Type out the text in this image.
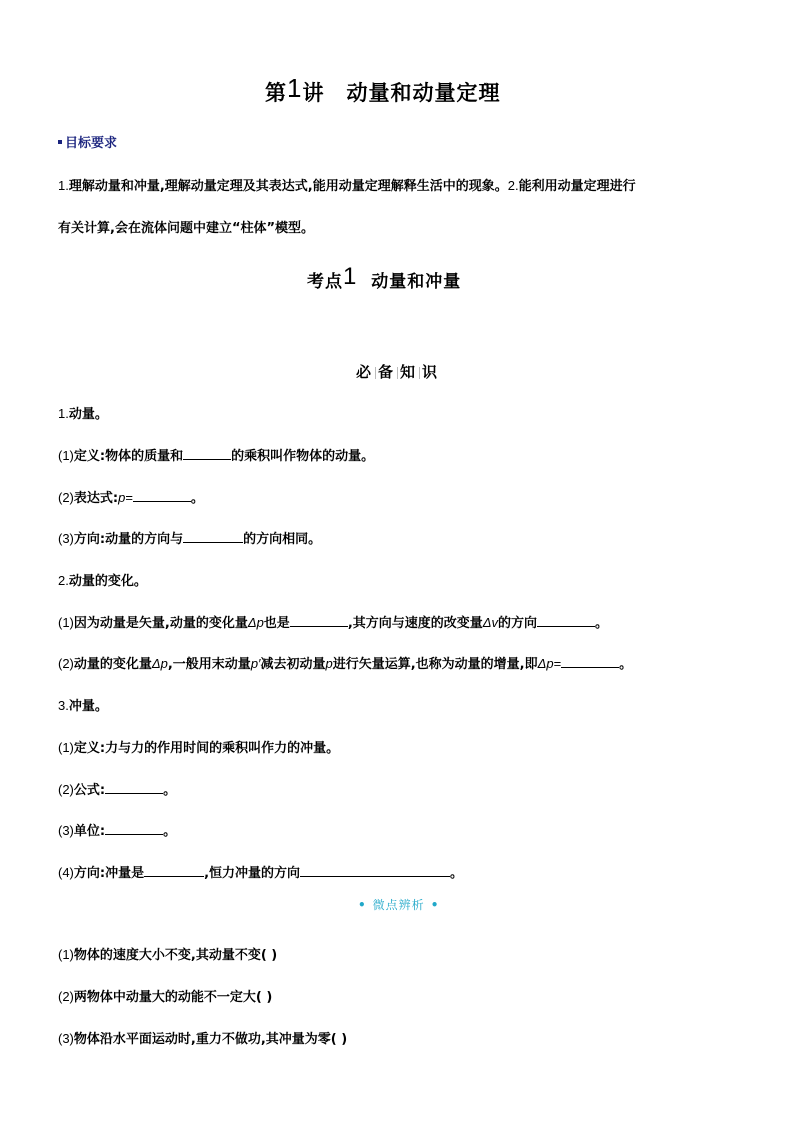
第1讲　动量和动量定理
目标要求
1.理解动量和冲量,理解动量定理及其表达式,能用动量定理解释生活中的现象。2.能利用动量定理进行
有关计算,会在流体问题中建立“柱体”模型。
考点1 动量和冲量
必 备 知 识
1.动量。
(1)定义:物体的质量和	的乘积叫作物体的动量。
(2)表达式:p=	。
(3)方向:动量的方向与	的方向相同。
2.动量的变化。
(1)因为动量是矢量,动量的变化量Δp也是	,其方向与速度的改变量Δv的方向	。
(2)动量的变化量Δp,一般用末动量p′减去初动量p进行矢量运算,也称为动量的增量,即Δp=	。
3.冲量。
(1)定义:力与力的作用时间的乘积叫作力的冲量。
(2)公式:	。
(3)单位:	。
(4)方向:冲量是	,恒力冲量的方向	。
• 微点辨析 •
(1)物体的速度大小不变,其动量不变( )
(2)两物体中动量大的动能不一定大( )
(3)物体沿水平面运动时,重力不做功,其冲量为零( )
